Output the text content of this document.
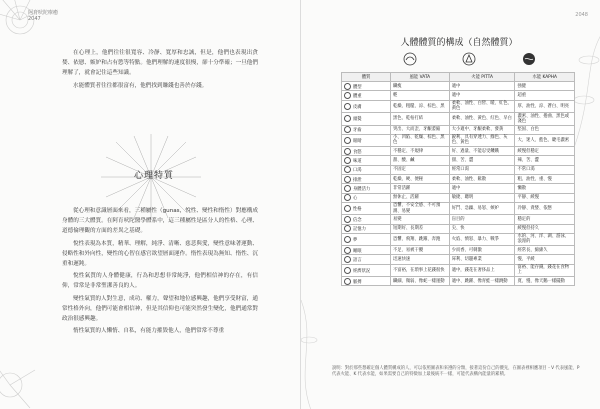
阿育吠陀療癒
2047

在心理上，他們往往很寬容、冷靜、寬厚和忠誠，但是，他們也表現出貪婪、依戀、嫉妒和占有慾等特點。他們理解的速度很慢，卻十分準確；一旦他們理解了，就會記住這些知識。

水能體質者往往都很富有，他們找到賺錢也善於存錢。

心理特質

從心理和意識層面來看，三種屬性（gunas，悅性、變性和惰性）對應構成身體的三大體質。在阿育吠陀醫學體系中，這三種屬性是區分人的性格、心理、道德倫理觀的方面的差異之基礎。

悅性表現為本質，精華、理解，純淨、清晰、慈悲與愛，變性意味著運動、侵略性和外向性，變性的心智在感官欲望層面運作。惰性表現為無知、惰性、沉重和遲鈍。

悅性氣質的人身體健康，行為和思想非常純淨，他們相信神的存在，有信仰，常常是非常聖潔善良的人。

變性氣質的人對生意，成功、權力，聲望和地位感興趣，他們享受財富，通常性格外向，他們可能會相信神，但是其信仰也可能突然發生變化，他們通常對政治很感興趣。

惰性氣質的人懶惰、自私，有能力摧毀他人，他們常常不尊重

2048
人體體質的構成（自然體質）
體質	風能 VATA	火能 PITTA	水能 KAPHA
體型	纖瘦	適中	強健
體重	輕	適中	超重
皮膚	乾燥、粗糙、涼、棕色、黑	柔軟、油性、白皙、暖、紅色、黃色	厚、油性、涼、蒼白、明亮
頭髮	黑色、乾枯打結	柔軟、油性、黃色、紅色、早白	濃密、油性、捲曲、黑色或淺色
牙齒	突出、大而歪、牙齦萎縮	大小適中、牙齦柔軟、發黃	堅固、白色
眼睛	小、凹陷、乾燥、棕色、黑色	銳利、具有穿透力、綠色、灰色、黃色	大、迷人、藍色、睫毛濃密
食慾	不穩定、不規律	好、過量、不能忍受饑餓	緩慢但穩定
味道	甜、酸、鹹	甜、苦、澀	辣、苦、澀
口渴	不固定	經常口渴	不常口渴
排泄	乾燥、硬、便秘	柔軟、油性、鬆散	粗、油性、重、慢
身體活力	非常活躍	適中	懶散
心	無休止、活躍	敏捷、聰明	平靜、緩慢
性格	恐懼、不安全感、不可預測、易變	好鬥、急躁、易怒、嫉妒	冷靜、貪婪、依戀
信念	易變	盲目的	穩定的
記憶力	短期好、長期差	尖、快	緩慢但持久
夢	恐懼、飛翔、跳躍、奔跑	火焰、憤怒、暴力、戰爭	水的、河、洋、湖、游泳、浪漫的
睡眠	不足、易被干擾	少而香、可刺激	經常長、綿綿久
語言	迅速快速	犀利、切題專業	慢、平緩
經濟狀況	不富裕，在瑣事上花錢很快	適中，錢花在奢侈品上	富裕、能存錢，錢花在食物上
脈搏	纖細、微弱、像蛇一樣運動	適中、跳躍、像青蛙一樣跳動	寬、慢、像天鵝一樣擺動
說明：對於那些想確定個人體質構成的人，可以依照圖表和來遵的分類，接著這份自己的優先，在圖表裡相應項目 - V 代表風能、P 代表火能、K 代表水能，如果需要自己的特徵加上最後統不一樣，可能代表構內能量的累積。
